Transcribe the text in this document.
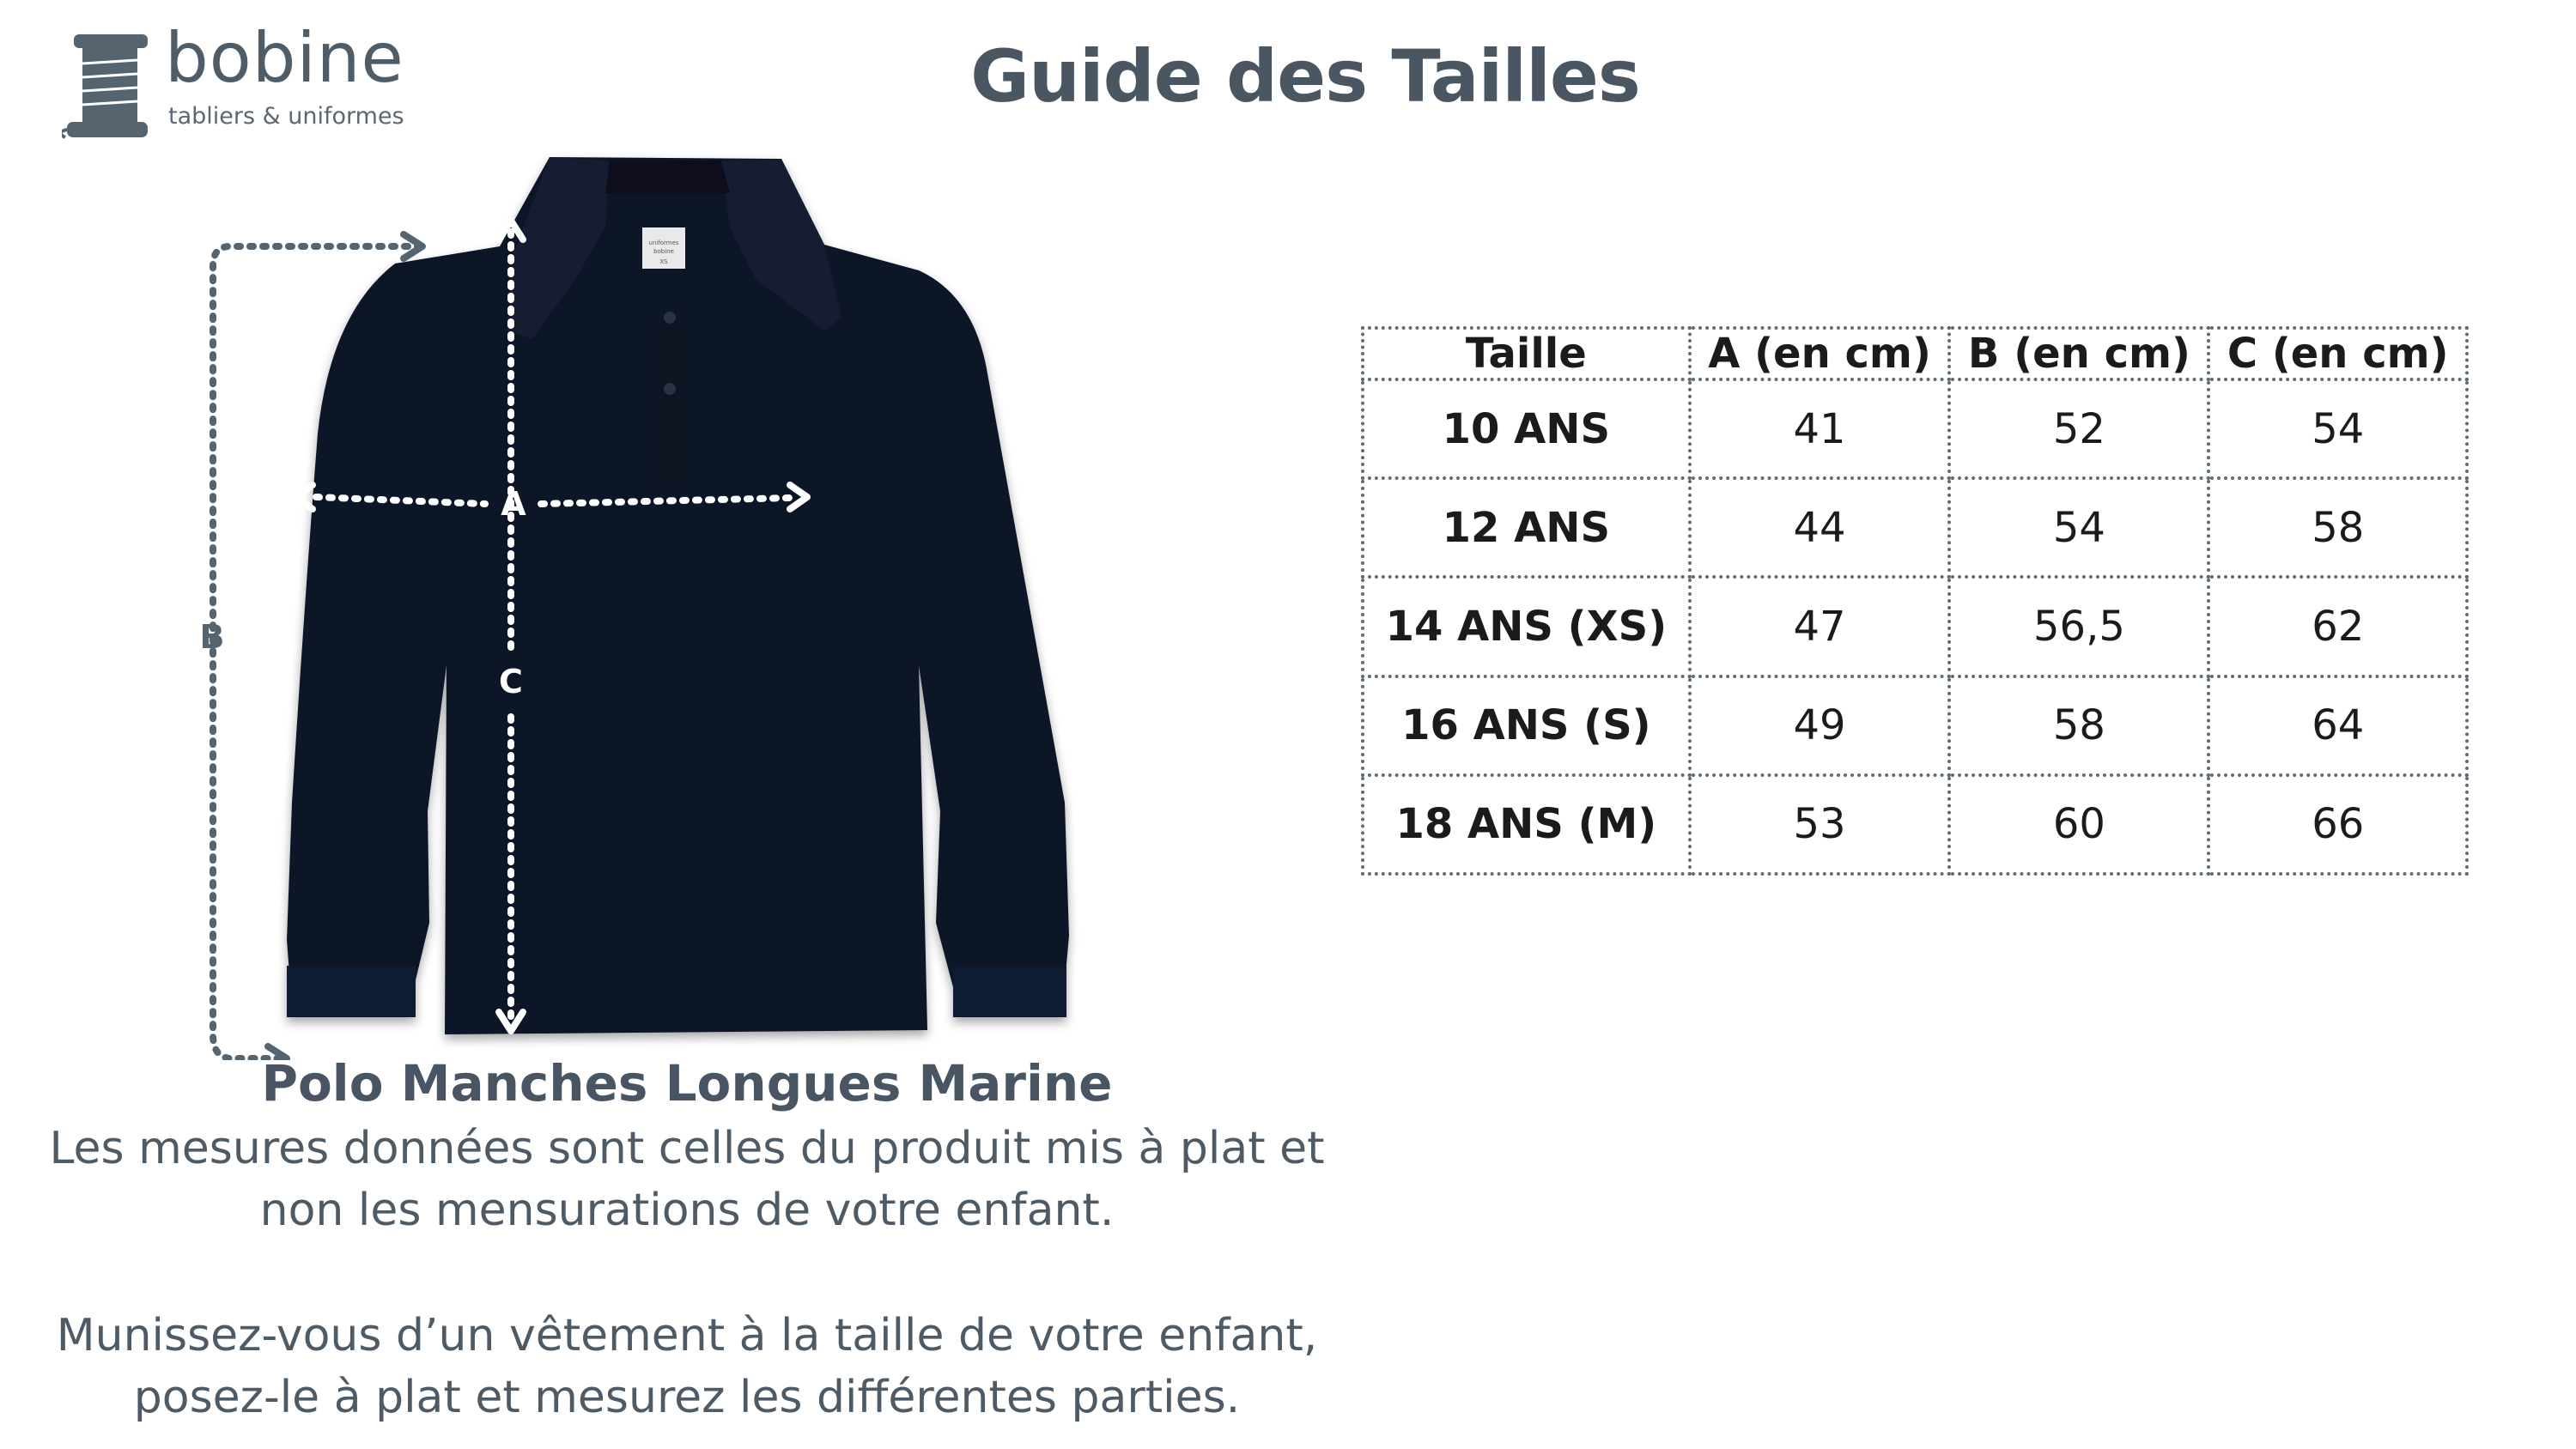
bobine
tabliers & uniformes	Guide des Tailles
uniformes
bobine
XS
B
C
A
Polo Manches Longues Marine
Les mesures données sont celles du produit mis à plat et
non les mensurations de votre enfant.
Munissez-vous d’un vêtement à la taille de votre enfant,
posez-le à plat et mesurez les différentes parties.
Taille	A (en cm)	B (en cm)	C (en cm)
10 ANS	41	52	54
12 ANS	44	54	58
14 ANS (XS)	47	56,5	62
16 ANS (S)	49	58	64
18 ANS (M)	53	60	66
